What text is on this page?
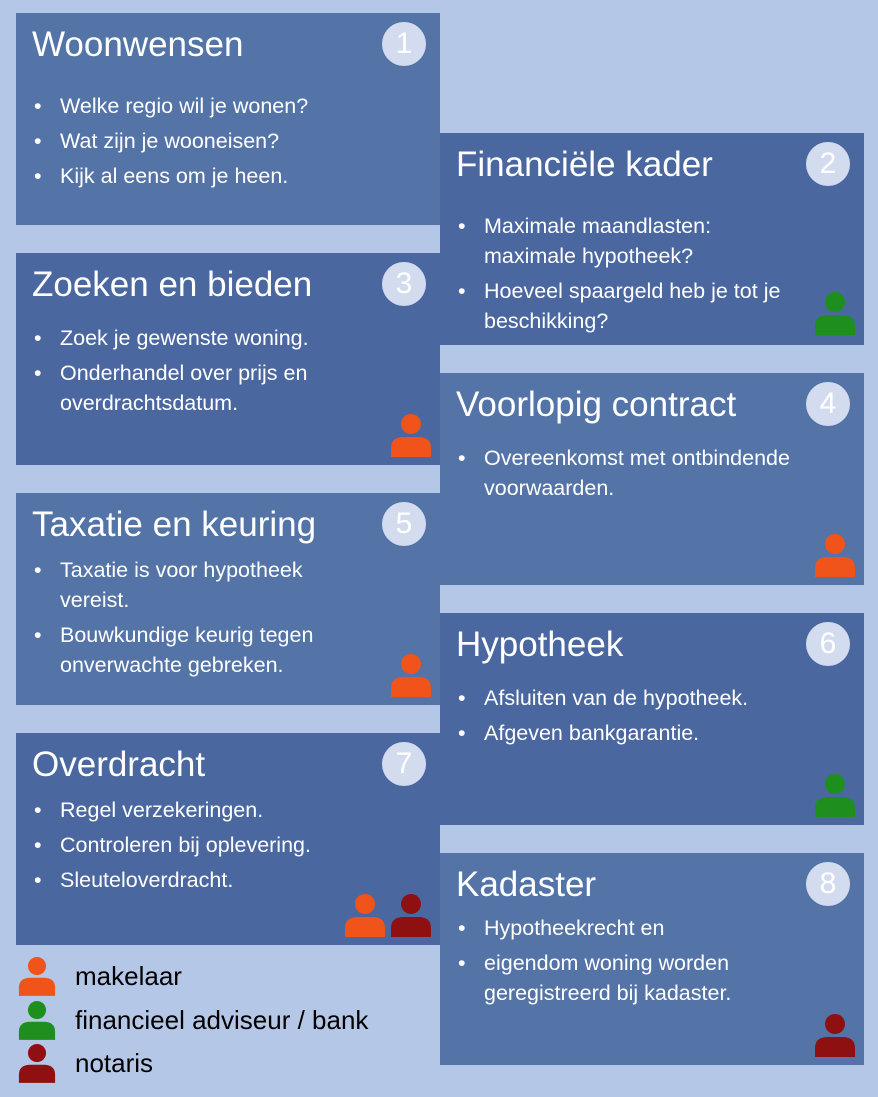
Woonwensen	1
• Welke regio wil je wonen?
• Wat zijn je wooneisen?
• Kijk al eens om je heen.	Financiële kader	2
• Maximale maandlasten: maximale hypotheek?
• Hoeveel spaargeld heb je tot je beschikking?
Zoeken en bieden	3
• Zoek je gewenste woning.
• Onderhandel over prijs en overdrachtsdatum.	Voorlopig contract	4
• Overeenkomst met ontbindende voorwaarden.
Taxatie en keuring	5
• Taxatie is voor hypotheek vereist.
• Bouwkundige keurig tegen onverwachte gebreken.
Hypotheek	6
• Afsluiten van de hypotheek.
• Afgeven bankgarantie.
Overdracht	7
• Regel verzekeringen.
• Controleren bij oplevering.
• Sleuteloverdracht.	Kadaster	8
• Hypotheekrecht en
• eigendom woning worden geregistreerd bij kadaster.
makelaar
financieel adviseur / bank
notaris
